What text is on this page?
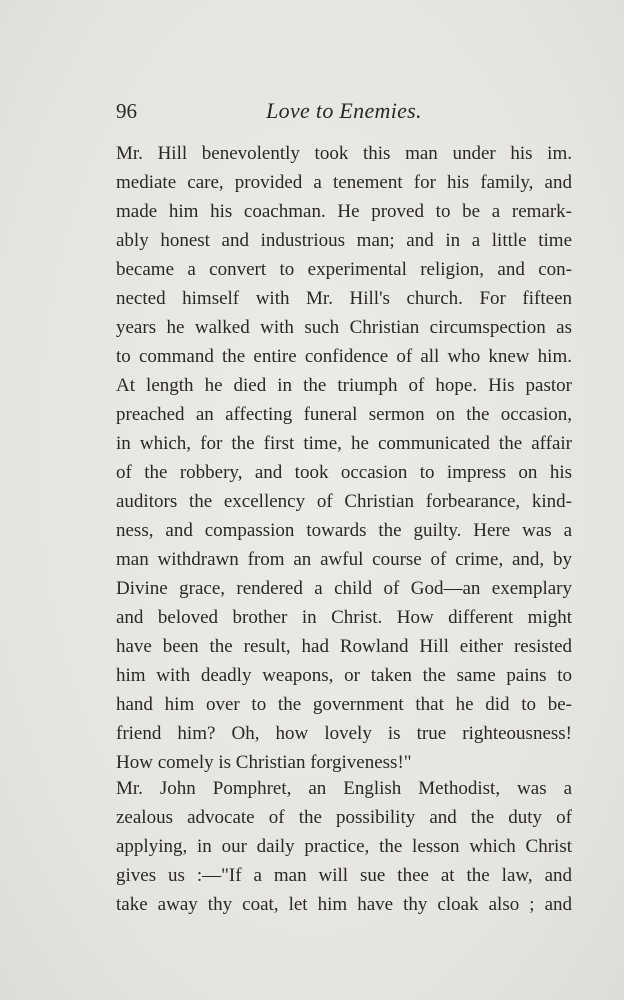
96	Love to Enemies.
Mr. Hill benevolently took this man under his im.
mediate care, provided a tenement for his family, and
made him his coachman. He proved to be a remark-
ably honest and industrious man; and in a little time
became a convert to experimental religion, and con-
nected himself with Mr. Hill's church. For fifteen
years he walked with such Christian circumspection as
to command the entire confidence of all who knew him.
At length he died in the triumph of hope. His pastor
preached an affecting funeral sermon on the occasion,
in which, for the first time, he communicated the affair
of the robbery, and took occasion to impress on his
auditors the excellency of Christian forbearance, kind-
ness, and compassion towards the guilty. Here was a
man withdrawn from an awful course of crime, and, by
Divine grace, rendered a child of God—an exemplary
and beloved brother in Christ. How different might
have been the result, had Rowland Hill either resisted
him with deadly weapons, or taken the same pains to
hand him over to the government that he did to be-
friend him? Oh, how lovely is true righteousness!
How comely is Christian forgiveness!"
Mr. John Pomphret, an English Methodist, was a
zealous advocate of the possibility and the duty of
applying, in our daily practice, the lesson which Christ
gives us :—"If a man will sue thee at the law, and
take away thy coat, let him have thy cloak also ; and
